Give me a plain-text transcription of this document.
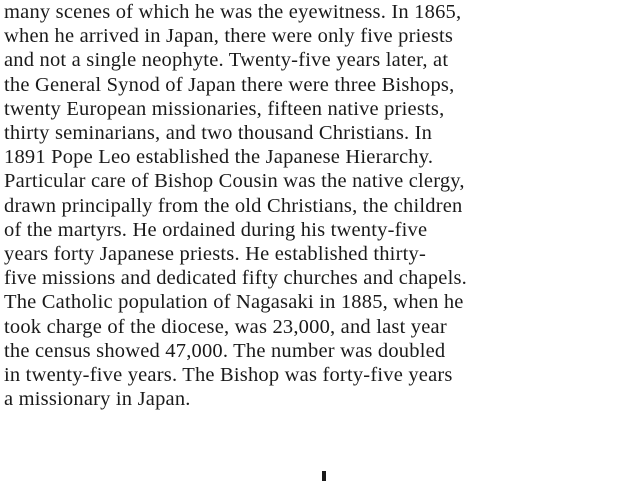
many scenes of which he was the eyewitness. In 1865,
when he arrived in Japan, there were only five priests
and not a single neophyte. Twenty-five years later, at
the General Synod of Japan there were three Bishops,
twenty European missionaries, fifteen native priests,
thirty seminarians, and two thousand Christians. In
1891 Pope Leo established the Japanese Hierarchy.
Particular care of Bishop Cousin was the native clergy,
drawn principally from the old Christians, the children
of the martyrs. He ordained during his twenty-five
years forty Japanese priests. He established thirty-
five missions and dedicated fifty churches and chapels.
The Catholic population of Nagasaki in 1885, when he
took charge of the diocese, was 23,000, and last year
the census showed 47,000. The number was doubled
in twenty-five years. The Bishop was forty-five years
a missionary in Japan.
